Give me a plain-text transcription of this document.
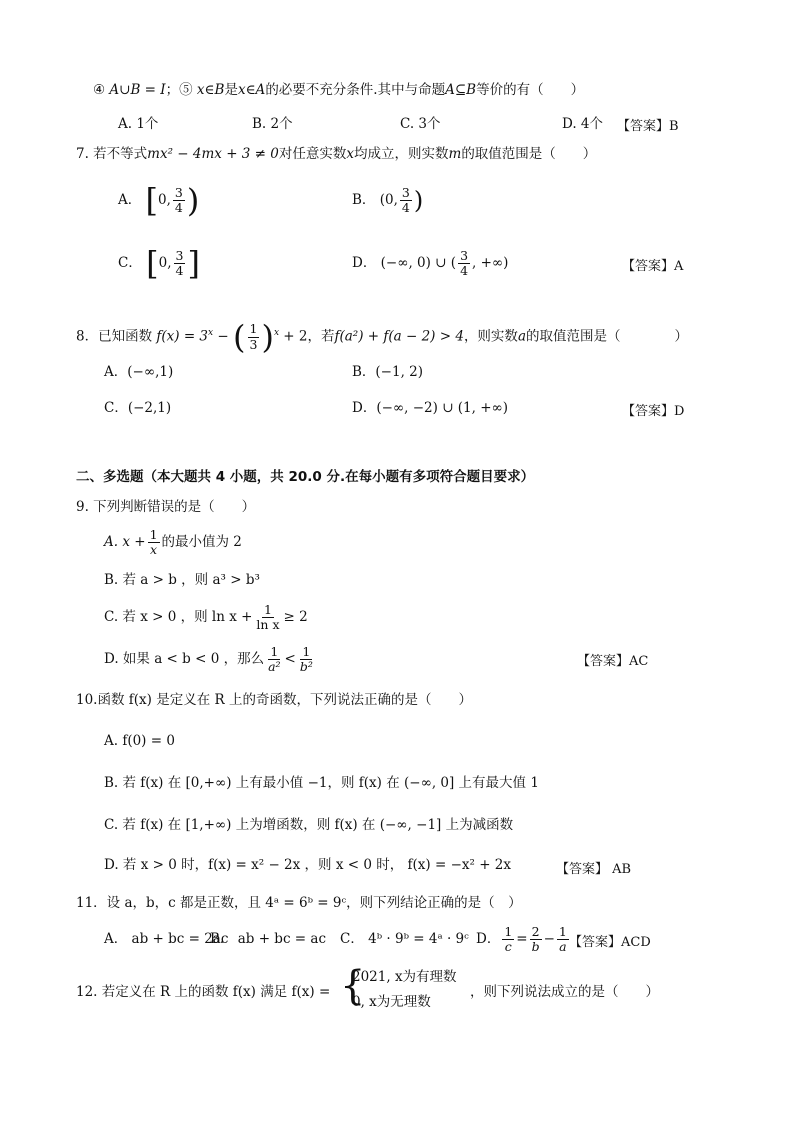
④ A∪B = I；⑤ x∈B是x∈A的必要不充分条件.其中与命题A⊆B等价的有（　　）
A. 1个	B. 2个	C. 3个	D. 4个 【答案】B
7. 若不等式mx² − 4mx + 3 ≠ 0对任意实数x均成立，则实数m的取值范围是（　　）
A． [0, $\frac{3}{4}$ )	B． (0, $\frac{3}{4}$ )
C． [0, $\frac{3}{4}$ ]	D． (−∞, 0) ∪ ( $\frac{3}{4}$ , +∞)	【答案】A
8．已知函数 $f(x) = 3^x$ − ( $\frac{1}{3} )^x + 2$，若f(a²) + f(a − 2) > 4，则实数a的取值范围是（　　　　）
A．(−∞,1)	B．(−1, 2)
C．(−2,1)	D．(−∞, −2) ∪ (1, +∞)	【答案】D
二、多选题（本大题共 4 小题，共 20.0 分.在每小题有多项符合题目要求）
9. 下列判断错误的是（　　）
A. $x + \frac{1}{x}$ 的最小值为 2
B. 若 a > b ，则 a³ > b³
C. 若 x > 0 ，则 $\ln x + \frac{1}{\text{ln x}} \ge 2$
D. 如果 a < b < 0 ，那么 $\frac{1}{\text{a²}} < \frac{1}{\text{b²}}$	【答案】AC
10.函数 f(x) 是定义在 R 上的奇函数，下列说法正确的是（　　）
A. f(0) = 0
B. 若 f(x) 在 [0,+∞) 上有最小值 −1，则 f(x) 在 (−∞, 0] 上有最大值 1
C. 若 f(x) 在 [1,+∞) 上为增函数，则 f(x) 在 (−∞, −1] 上为减函数
D. 若 x > 0 时，f(x) = x² − 2x ，则 x < 0 时， f(x) = −x² + 2x	【答案】 AB
11．设 a，b，c 都是正数，且 4ᵃ = 6ᵇ = 9ᶜ，则下列结论正确的是（　）
A． ab + bc = 2ac
B． ab + bc = ac C． 4ᵇ · 9ᵇ = 4ᵃ · 9ᶜ D． $\frac{1}{c} = \frac{2}{b} - \frac{1}{a}$ 【答案】ACD
12. 若定义在 R 上的函数 f(x) 满足 f(x) = {
2021, x为有理数
0, x为无理数
，则下列说法成立的是（　　）
